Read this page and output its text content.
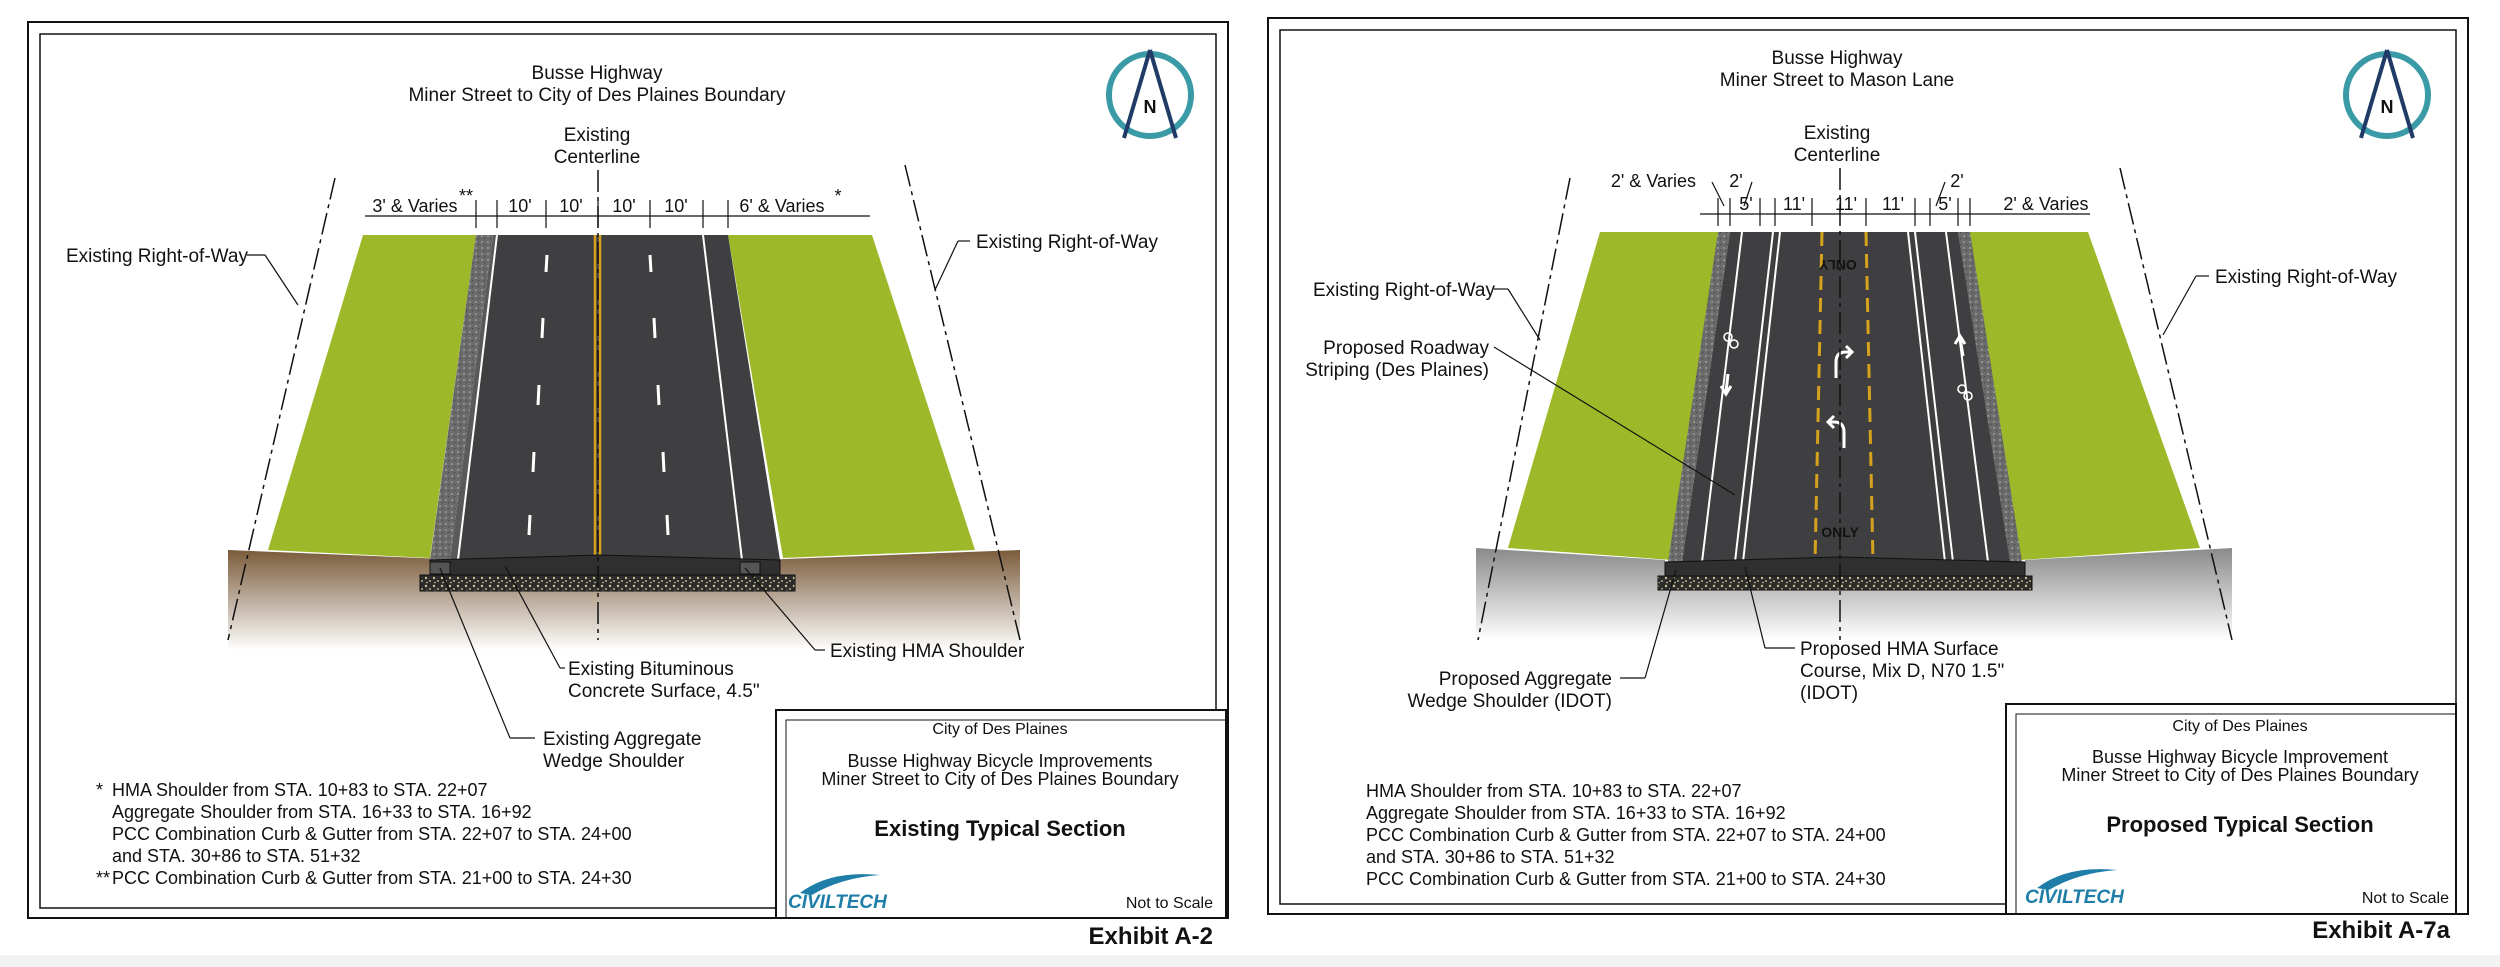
Busse Highway
Miner Street to City of Des Plaines Boundary
N
Existing
Centerline
3' & Varies ** 10' 10' 10' 10'	6' & Varies *
Existing Right-of-Way
Existing Right-of-Way
Existing Bituminous
Concrete Surface, 4.5"
Existing HMA Shoulder
Existing Aggregate
Wedge Shoulder
* HMA Shoulder from STA. 10+83 to STA. 22+07
Aggregate Shoulder from STA. 16+33 to STA. 16+92
PCC Combination Curb & Gutter from STA. 22+07 to STA. 24+00
and STA. 30+86 to STA. 51+32
** PCC Combination Curb & Gutter from STA. 21+00 to STA. 24+30
City of Des Plaines
Busse Highway Bicycle Improvements
Miner Street to City of Des Plaines Boundary
Existing Typical Section
Not to Scale
CIVILTECH
Exhibit A-2
Busse Highway
Miner Street to Mason Lane
N
Existing
Centerline
ONLY
ONLY
2' & Varies 2'
5' 11' 11' 11' 5'
2'
2' & Varies
Existing Right-of-Way
Existing Right-of-Way
Proposed Roadway
Striping (Des Plaines)
Proposed Aggregate
Wedge Shoulder (IDOT)
Proposed HMA Surface
Course, Mix D, N70 1.5"
(IDOT)
HMA Shoulder from STA. 10+83 to STA. 22+07
Aggregate Shoulder from STA. 16+33 to STA. 16+92
PCC Combination Curb & Gutter from STA. 22+07 to STA. 24+00
and STA. 30+86 to STA. 51+32
PCC Combination Curb & Gutter from STA. 21+00 to STA. 24+30
City of Des Plaines
Busse Highway Bicycle Improvement
Miner Street to City of Des Plaines Boundary
Proposed Typical Section
Not to Scale
CIVILTECH
Exhibit A-7a
